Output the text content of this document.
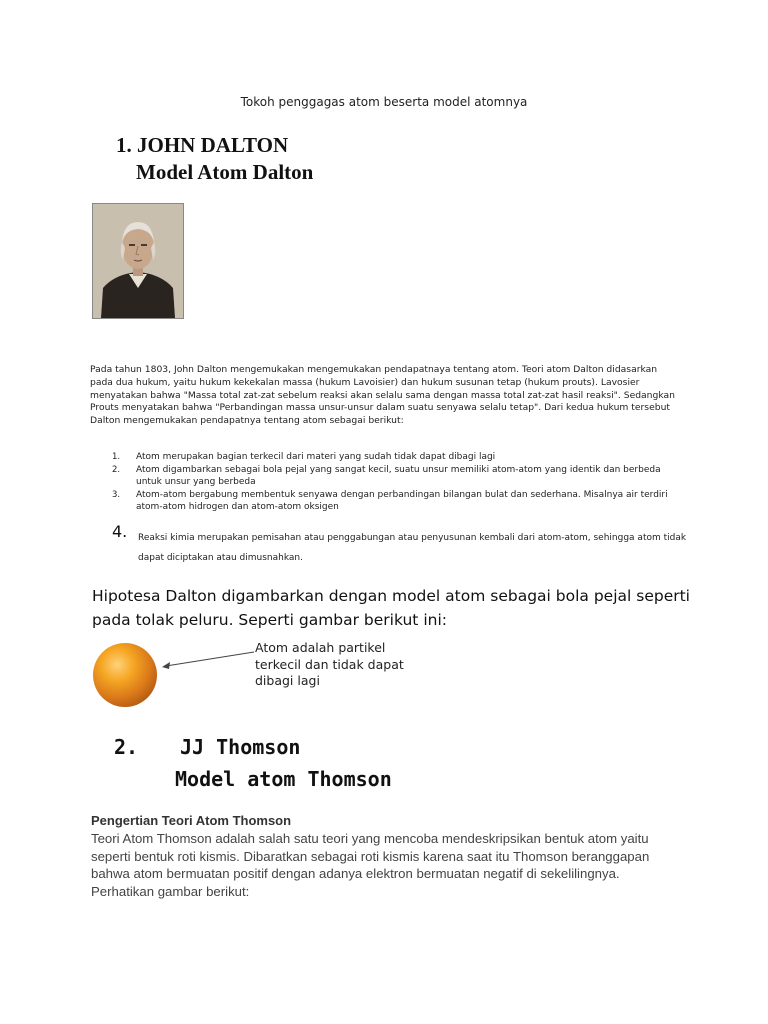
Tokoh penggagas atom beserta model atomnya
1. JOHN DALTON
Model Atom Dalton

Pada tahun 1803, John Dalton mengemukakan mengemukakan pendapatnaya tentang atom. Teori atom Dalton didasarkan pada dua hukum, yaitu hukum kekekalan massa (hukum Lavoisier) dan hukum susunan tetap (hukum prouts). Lavosier menyatakan bahwa "Massa total zat-zat sebelum reaksi akan selalu sama dengan massa total zat-zat hasil reaksi". Sedangkan Prouts menyatakan bahwa "Perbandingan massa unsur-unsur dalam suatu senyawa selalu tetap". Dari kedua hukum tersebut Dalton mengemukakan pendapatnya tentang atom sebagai berikut:

1. Atom merupakan bagian terkecil dari materi yang sudah tidak dapat dibagi lagi
2. Atom digambarkan sebagai bola pejal yang sangat kecil, suatu unsur memiliki atom-atom yang identik dan berbeda untuk unsur yang berbeda
3. Atom-atom bergabung membentuk senyawa dengan perbandingan bilangan bulat dan sederhana. Misalnya air terdiri atom-atom hidrogen dan atom-atom oksigen
4. Reaksi kimia merupakan pemisahan atau penggabungan atau penyusunan kembali dari atom-atom, sehingga atom tidak dapat diciptakan atau dimusnahkan.
Hipotesa Dalton digambarkan dengan model atom sebagai bola pejal seperti pada tolak peluru. Seperti gambar berikut ini:
Atom adalah partikel terkecil dan tidak dapat dibagi lagi
2. JJ Thomson
Model atom Thomson
Pengertian Teori Atom Thomson
Teori Atom Thomson adalah salah satu teori yang mencoba mendeskripsikan bentuk atom yaitu seperti bentuk roti kismis. Dibaratkan sebagai roti kismis karena saat itu Thomson beranggapan bahwa atom bermuatan positif dengan adanya elektron bermuatan negatif di sekelilingnya.
Perhatikan gambar berikut:
